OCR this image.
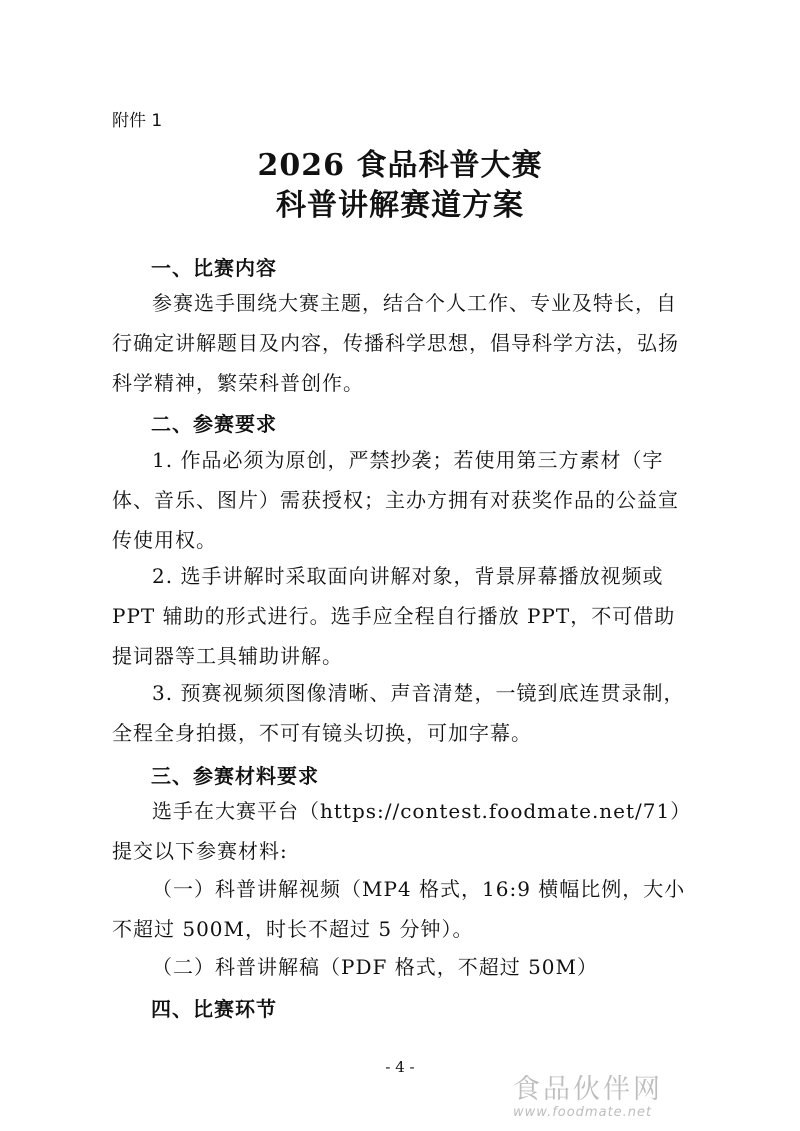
附件 1
2026 食品科普大赛
科普讲解赛道方案
一、比赛内容
参赛选手围绕大赛主题，结合个人工作、专业及特长，自行确定讲解题目及内容，传播科学思想，倡导科学方法，弘扬科学精神，繁荣科普创作。
二、参赛要求
1. 作品必须为原创，严禁抄袭；若使用第三方素材（字体、音乐、图片）需获授权；主办方拥有对获奖作品的公益宣传使用权。
2. 选手讲解时采取面向讲解对象，背景屏幕播放视频或 PPT 辅助的形式进行。选手应全程自行播放 PPT，不可借助提词器等工具辅助讲解。
3. 预赛视频须图像清晰、声音清楚，一镜到底连贯录制，全程全身拍摄，不可有镜头切换，可加字幕。
三、参赛材料要求
选手在大赛平台（https://contest.foodmate.net/71）提交以下参赛材料:
（一）科普讲解视频（MP4 格式，16:9 横幅比例，大小不超过 500M，时长不超过 5 分钟）。
（二）科普讲解稿（PDF 格式，不超过 50M）
四、比赛环节
- 4 -
食品伙伴网
www.foodmate.net
